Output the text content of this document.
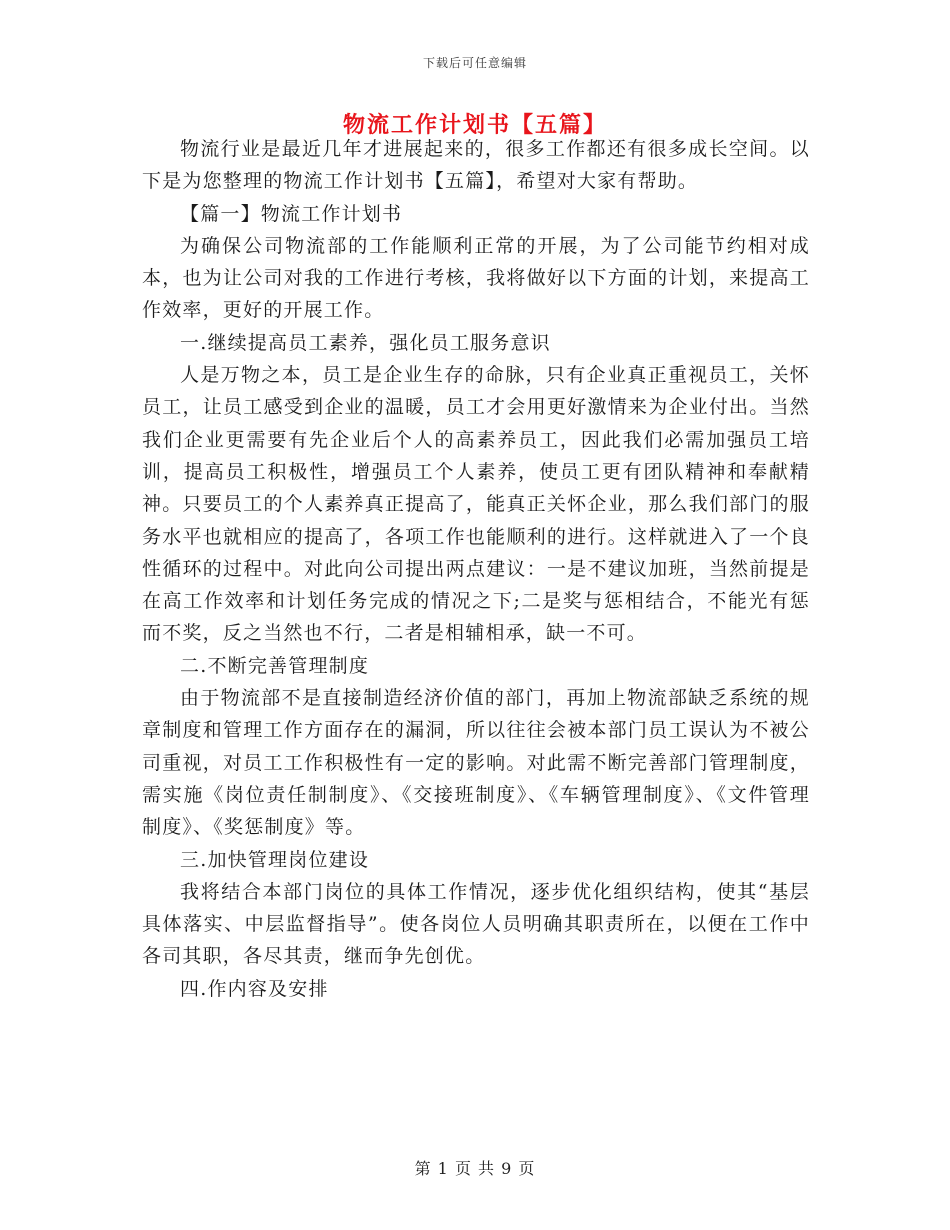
下载后可任意编辑
物流工作计划书【五篇】

物流行业是最近几年才进展起来的，很多工作都还有很多成长空间。以下是为您整理的物流工作计划书【五篇】，希望对大家有帮助。

【篇一】物流工作计划书

为确保公司物流部的工作能顺利正常的开展，为了公司能节约相对成本，也为让公司对我的工作进行考核，我将做好以下方面的计划，来提高工作效率，更好的开展工作。

一.继续提高员工素养，强化员工服务意识

人是万物之本，员工是企业生存的命脉，只有企业真正重视员工，关怀员工，让员工感受到企业的温暖，员工才会用更好激情来为企业付出。当然我们企业更需要有先企业后个人的高素养员工，因此我们必需加强员工培训，提高员工积极性，增强员工个人素养，使员工更有团队精神和奉献精神。只要员工的个人素养真正提高了，能真正关怀企业，那么我们部门的服务水平也就相应的提高了，各项工作也能顺利的进行。这样就进入了一个良性循环的过程中。对此向公司提出两点建议：一是不建议加班，当然前提是在高工作效率和计划任务完成的情况之下;二是奖与惩相结合，不能光有惩而不奖，反之当然也不行，二者是相辅相承，缺一不可。

二.不断完善管理制度

由于物流部不是直接制造经济价值的部门，再加上物流部缺乏系统的规章制度和管理工作方面存在的漏洞，所以往往会被本部门员工误认为不被公司重视，对员工工作积极性有一定的影响。对此需不断完善部门管理制度，需实施《岗位责任制制度》、《交接班制度》、《车辆管理制度》、《文件管理制度》、《奖惩制度》等。

三.加快管理岗位建设

我将结合本部门岗位的具体工作情况，逐步优化组织结构，使其“基层具体落实、中层监督指导”。使各岗位人员明确其职责所在，以便在工作中各司其职，各尽其责，继而争先创优。

四.作内容及安排

第 1 页 共 9 页
